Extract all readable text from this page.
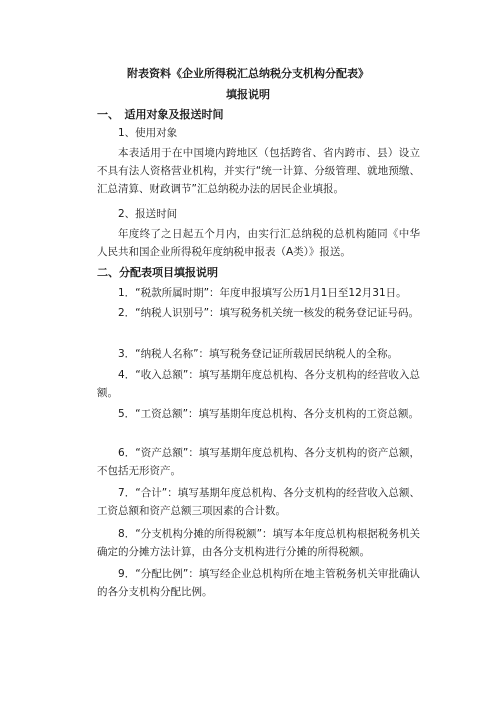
附表资料《企业所得税汇总纳税分支机构分配表》
填报说明
一、　适用对象及报送时间
1、使用对象
本表适用于在中国境内跨地区（包括跨省、省内跨市、县）设立不具有法人资格营业机构，并实行“统一计算、分级管理、就地预缴、汇总清算、财政调节”汇总纳税办法的居民企业填报。
2、报送时间
年度终了之日起五个月内，由实行汇总纳税的总机构随同《中华人民共和国企业所得税年度纳税申报表（A类）》报送。
二、分配表项目填报说明
1．“税款所属时期”：年度申报填写公历1月1日至12月31日。
2．“纳税人识别号”：填写税务机关统一核发的税务登记证号码。
3．“纳税人名称”：填写税务登记证所载居民纳税人的全称。
4．“收入总额”：填写基期年度总机构、各分支机构的经营收入总额。
5．“工资总额”：填写基期年度总机构、各分支机构的工资总额。
6．“资产总额”：填写基期年度总机构、各分支机构的资产总额，不包括无形资产。
7．“合计”：填写基期年度总机构、各分支机构的经营收入总额、工资总额和资产总额三项因素的合计数。
8．“分支机构分摊的所得税额”：填写本年度总机构根据税务机关确定的分摊方法计算，由各分支机构进行分摊的所得税额。
9．“分配比例”：填写经企业总机构所在地主管税务机关审批确认的各分支机构分配比例。
